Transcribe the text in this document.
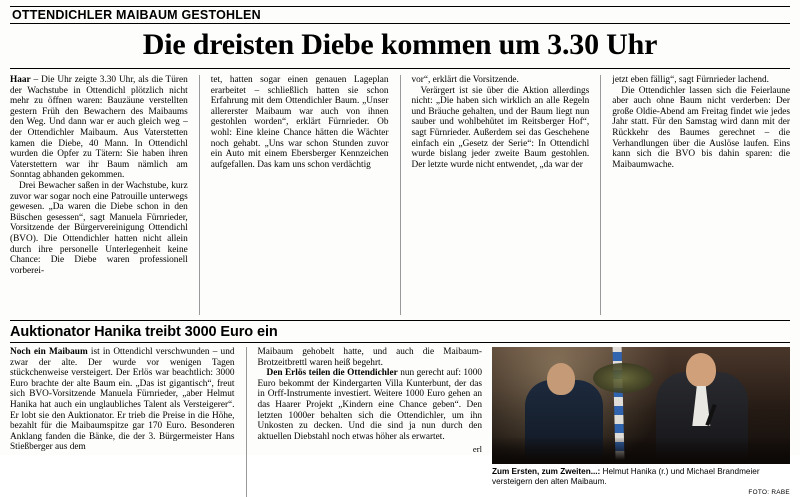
OTTENDICHLER MAIBAUM GESTOHLEN
Die dreisten Diebe kommen um 3.30 Uhr

Haar – Die Uhr zeigte 3.30 Uhr, als die Türen der Wachstube in Ottendichl plötzlich nicht mehr zu öffnen waren: Bauzäune verstellten gestern Früh den Bewachern des Maibaums den Weg. Und dann war er auch gleich weg – der Ottendichler Maibaum. Aus Vaterstetten kamen die Diebe, 40 Mann. In Ottendichl wurden die Opfer zu Tätern: Sie haben ihren Vaterstettern war ihr Baum nämlich am Sonntag abhanden gekommen.

Drei Bewacher saßen in der Wachstube, kurz zuvor war sogar noch eine Patrouille unterwegs gewesen. „Da waren die Diebe schon in den Büschen gesessen“, sagt Manuela Fürnrieder, Vorsitzende der Bürgervereinigung Ottendichl (BVO). Die Ottendichler hatten nicht allein durch ihre personelle Unterlegenheit keine Chance: Die Diebe waren professionell vorberei-

tet, hatten sogar einen genauen Lageplan erarbeitet – schließlich hatten sie schon Erfahrung mit dem Ottendichler Baum. „Unser allererster Maibaum war auch von ihnen gestohlen worden“, erklärt Fürnrieder. Ob wohl: Eine kleine Chance hätten die Wächter noch gehabt. „Uns war schon Stunden zuvor ein Auto mit einem Ebersberger Kennzeichen aufgefallen. Das kam uns schon verdächtig

vor“, erklärt die Vorsitzende.

Verärgert ist sie über die Aktion allerdings nicht: „Die haben sich wirklich an alle Regeln und Bräuche gehalten, und der Baum liegt nun sauber und wohlbehütet im Reitsberger Hof“, sagt Fürnrieder. Außerdem sei das Geschehene einfach ein „Gesetz der Serie“: In Ottendichl wurde bislang jeder zweite Baum gestohlen. Der letzte wurde nicht entwendet, „da war der

jetzt eben fällig“, sagt Fürnrieder lachend.

Die Ottendichler lassen sich die Feierlaune aber auch ohne Baum nicht verderben: Der große Oldie-Abend am Freitag findet wie jedes Jahr statt. Für den Samstag wird dann mit der Rückkehr des Baumes gerechnet – die Verhandlungen über die Auslöse laufen. Eins kann sich die BVO bis dahin sparen: die Maibaumwache.

Auktionator Hanika treibt 3000 Euro ein

Noch ein Maibaum ist in Ottendichl verschwunden – und zwar der alte. Der wurde vor wenigen Tagen stückchenweise versteigert. Der Erlös war beachtlich: 3000 Euro brachte der alte Baum ein. „Das ist gigantisch“, freut sich BVO-Vorsitzende Manuela Fürnrieder, „aber Helmut Hanika hat auch ein unglaubliches Talent als Versteigerer“. Er lobt sie den Auktionator. Er trieb die Preise in die Höhe, bezahlt für die Maibaumspitze gar 170 Euro. Besonderen Anklang fanden die Bänke, die der 3. Bürgermeister Hans Stießberger aus dem

Maibaum gehobelt hatte, und auch die Maibaum-Brotzeitbrettl waren heiß begehrt.

Den Erlös teilen die Ottendichler nun gerecht auf: 1000 Euro bekommt der Kindergarten Villa Kunterbunt, der das in Orff-Instrumente investiert. Weitere 1000 Euro gehen an das Haarer Projekt „Kindern eine Chance geben“. Den letzten 1000er behalten sich die Ottendichler, um ihn Unkosten zu decken. Und die sind ja nun durch den aktuellen Diebstahl noch etwas höher als erwartet.

erl
Zum Ersten, zum Zweiten...: Helmut Hanika (r.) und Michael Brandmeier versteigern den alten Maibaum.
FOTO: RABE
